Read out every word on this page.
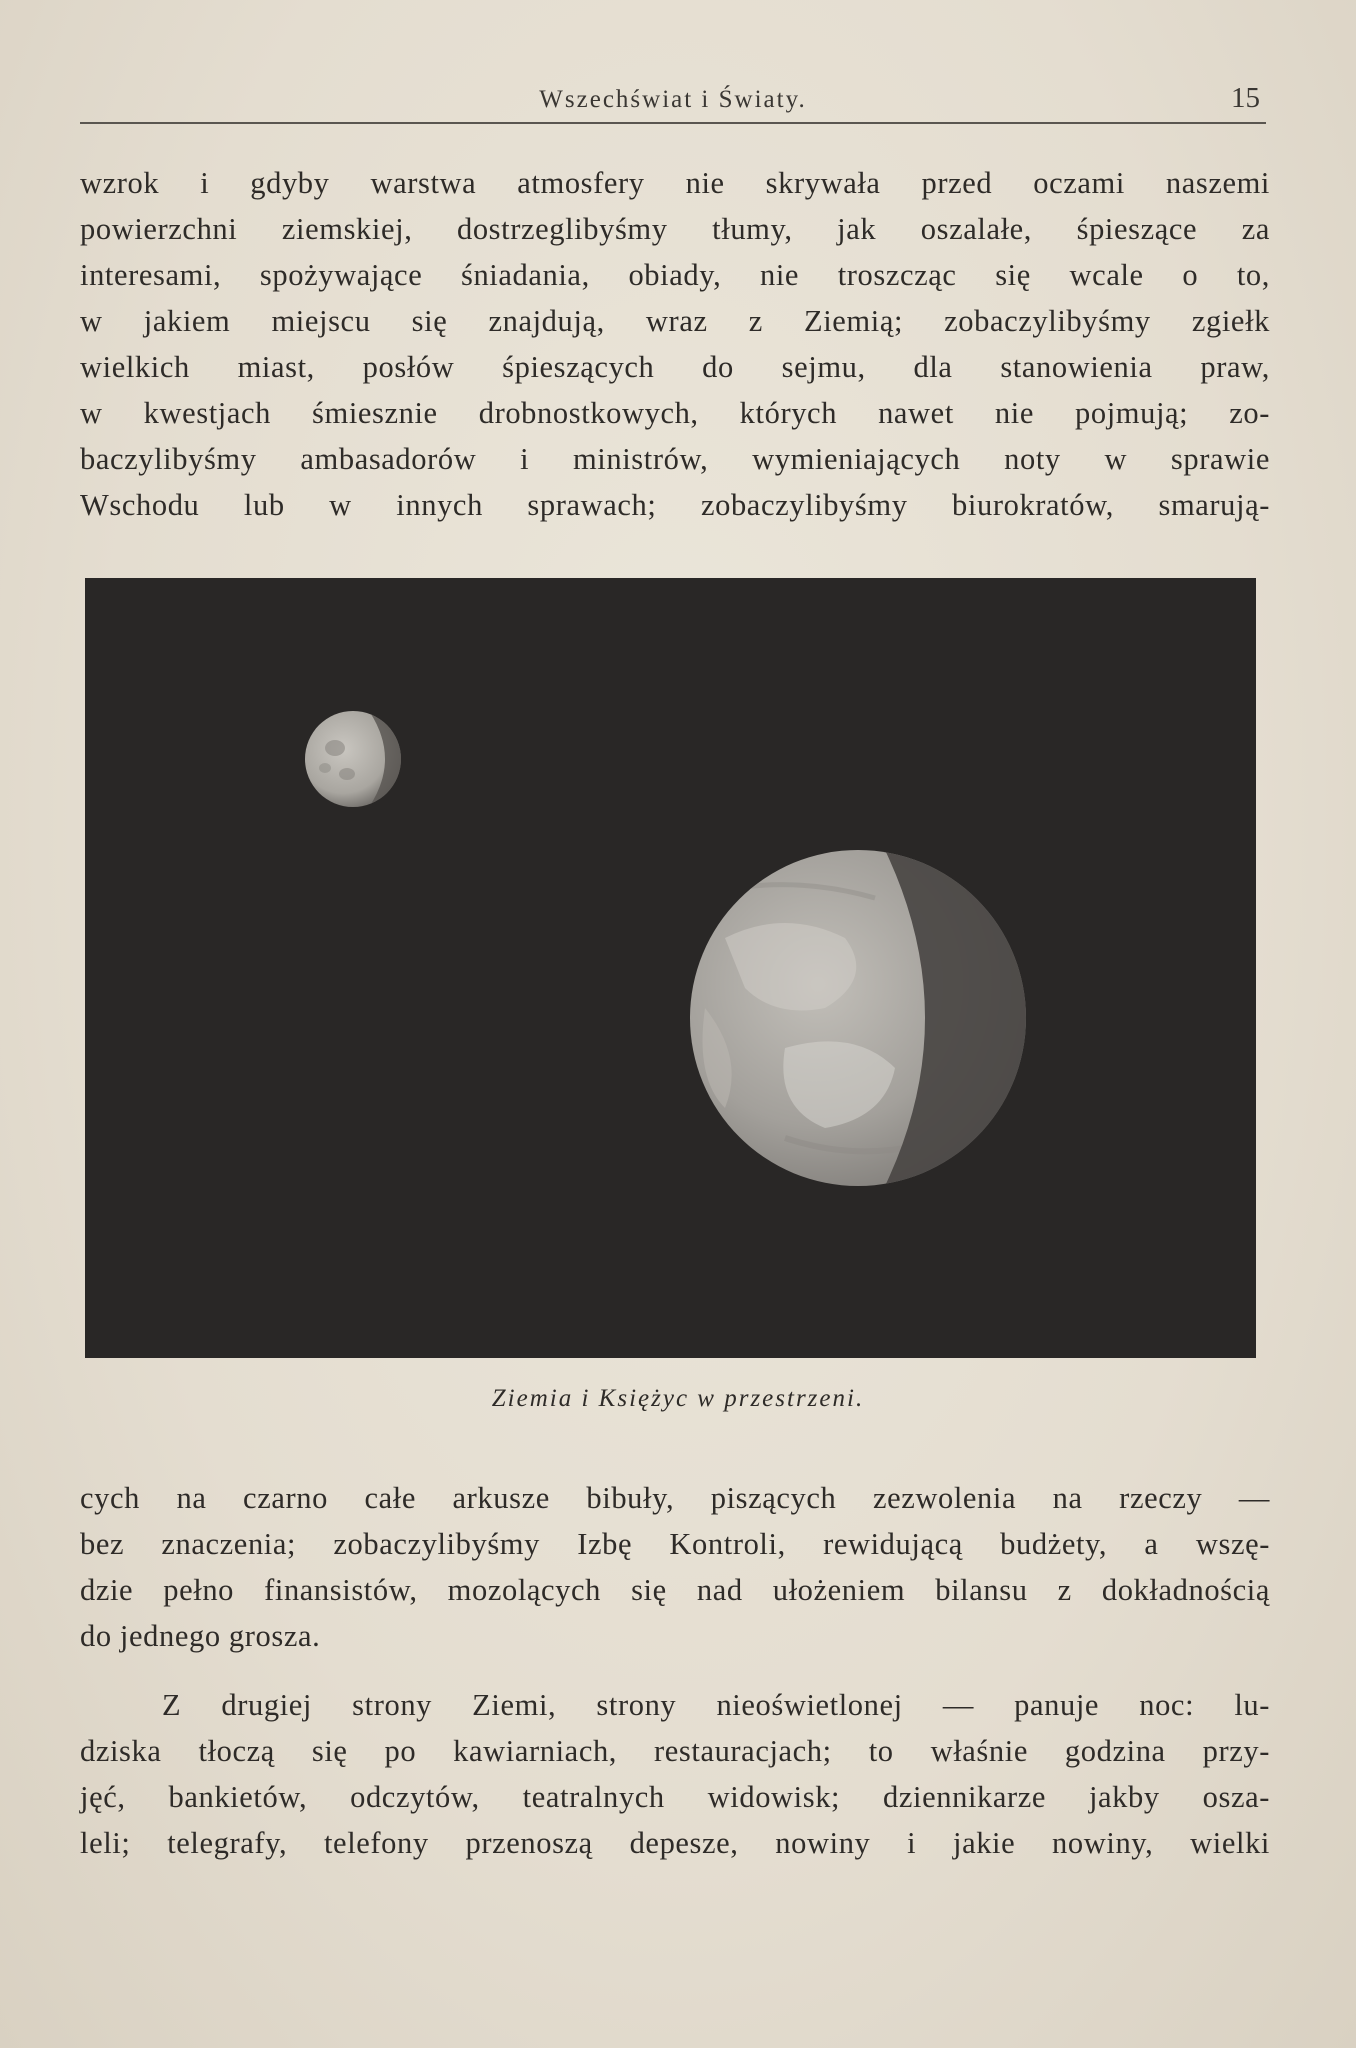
Wszechświat i Światy.	15
wzrok i gdyby warstwa atmosfery nie skrywała przed oczami naszemi
powierzchni ziemskiej, dostrzeglibyśmy tłumy, jak oszalałe, śpieszące za
interesami, spożywające śniadania, obiady, nie troszcząc się wcale o to,
w jakiem miejscu się znajdują, wraz z Ziemią; zobaczylibyśmy zgiełk
wielkich miast, posłów śpieszących do sejmu, dla stanowienia praw,
w kwestjach śmiesznie drobnostkowych, których nawet nie pojmują; zo-
baczylibyśmy ambasadorów i ministrów, wymieniających noty w sprawie
Wschodu lub w innych sprawach; zobaczylibyśmy biurokratów, smarują-
Ziemia i Księżyc w przestrzeni.
cych na czarno całe arkusze bibuły, piszących zezwolenia na rzeczy —
bez znaczenia; zobaczylibyśmy Izbę Kontroli, rewidującą budżety, a wszę-
dzie pełno finansistów, mozolących się nad ułożeniem bilansu z dokładnością
do jednego grosza.
Z drugiej strony Ziemi, strony nieoświetlonej — panuje noc: lu-
dziska tłoczą się po kawiarniach, restauracjach; to właśnie godzina przy-
jęć, bankietów, odczytów, teatralnych widowisk; dziennikarze jakby osza-
leli; telegrafy, telefony przenoszą depesze, nowiny i jakie nowiny, wielki
